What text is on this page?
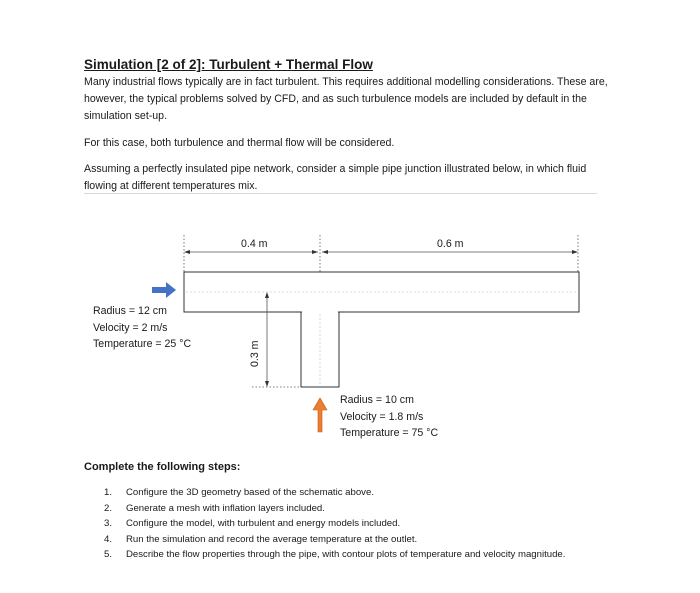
Simulation [2 of 2]: Turbulent + Thermal Flow
Many industrial flows typically are in fact turbulent. This requires additional modelling considerations. These are, however, the typical problems solved by CFD, and as such turbulence models are included by default in the simulation set-up.
For this case, both turbulence and thermal flow will be considered.
Assuming a perfectly insulated pipe network, consider a simple pipe junction illustrated below, in which fluid flowing at different temperatures mix.
0.4 m	0.6 m
0.3 m
Radius = 12 cm
Velocity = 2 m/s
Temperature = 25 °C
Radius = 10 cm
Velocity = 1.8 m/s
Temperature = 75 °C
Complete the following steps:
1.	Configure the 3D geometry based of the schematic above.
2.	Generate a mesh with inflation layers included.
3.	Configure the model, with turbulent and energy models included.
4.	Run the simulation and record the average temperature at the outlet.
5.	Describe the flow properties through the pipe, with contour plots of temperature and velocity magnitude.
